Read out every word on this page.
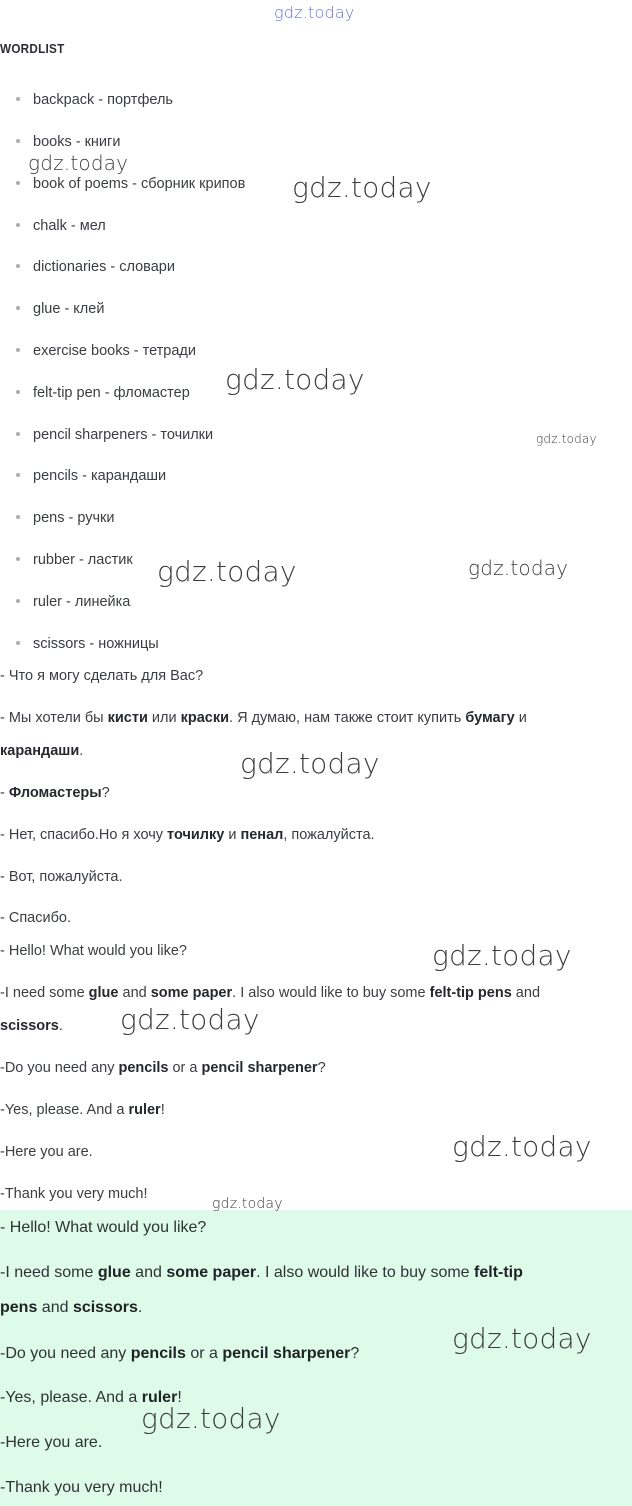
gdz.today
WORDLIST
backpack - портфель
books - книги
book of poems - сборник крипов
chalk - мел
dictionaries - словари
glue - клей
exercise books - тетради
felt-tip pen - фломастер
pencil sharpeners - точилки
pencils - карандаши
pens - ручки
rubber - ластик
ruler - линейка
scissors - ножницы
- Что я могу сделать для Вас?
- Мы хотели бы кисти или краски. Я думаю, нам также стоит купить бумагу и
карандаши.
- Фломастеры?
- Нет, спасибо.Но я хочу точилку и пенал, пожалуйста.
- Вот, пожалуйста.
- Спасибо.
- Hello! What would you like?
-I need some glue and some paper. I also would like to buy some felt-tip pens and
scissors.
-Do you need any pencils or a pencil sharpener?
-Yes, please. And a ruler!
-Here you are.
-Thank you very much!
- Hello! What would you like?
-I need some glue and some paper. I also would like to buy some felt-tip
pens and scissors.
-Do you need any pencils or a pencil sharpener?
-Yes, please. And a ruler!
-Here you are.
-Thank you very much!
gdz.today
gdz.today
gdz.today
gdz.today
gdz.today	gdz.today
gdz.today
gdz.today
gdz.today
gdz.today
gdz.today
gdz.today
gdz.today
